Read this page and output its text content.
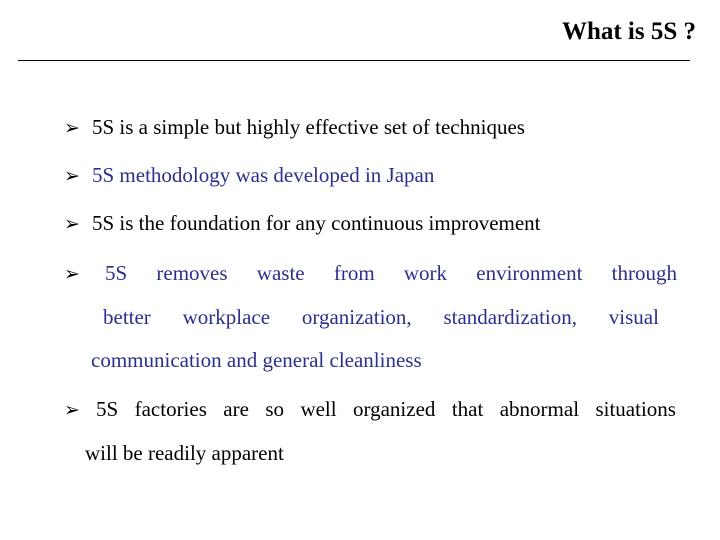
What is 5S ?
➢ 5S is a simple but highly effective set of techniques
➢ 5S methodology was developed in Japan
➢ 5S is the foundation for any continuous improvement
➢ 5S removes waste from work environment through
better workplace organization, standardization, visual
communication and general cleanliness
➢ 5S factories are so well organized that abnormal situations
will be readily apparent
